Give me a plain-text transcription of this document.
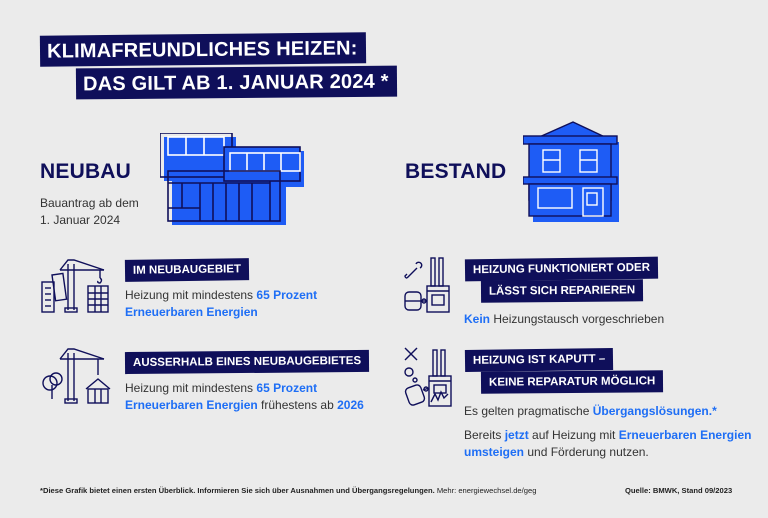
KLIMAFREUNDLICHES HEIZEN:
DAS GILT AB 1. JANUAR 2024 *
NEUBAU
Bauantrag ab dem
1. Januar 2024
IM NEUBAUGEBIET
Heizung mit mindestens 65 Prozent
Erneuerbaren Energien
AUSSERHALB EINES NEUBAUGEBIETES
Heizung mit mindestens 65 Prozent
Erneuerbaren Energien frühestens ab 2026
BESTAND
HEIZUNG FUNKTIONIERT ODER
LÄSST SICH REPARIEREN
Kein Heizungstausch vorgeschrieben
HEIZUNG IST KAPUTT –
KEINE REPARATUR MÖGLICH
Es gelten pragmatische Übergangslösungen.*
Bereits jetzt auf Heizung mit Erneuerbaren Energien
umsteigen und Förderung nutzen.
*Diese Grafik bietet einen ersten Überblick. Informieren Sie sich über Ausnahmen und Übergangsregelungen. Mehr: energiewechsel.de/geg	Quelle: BMWK, Stand 09/2023
